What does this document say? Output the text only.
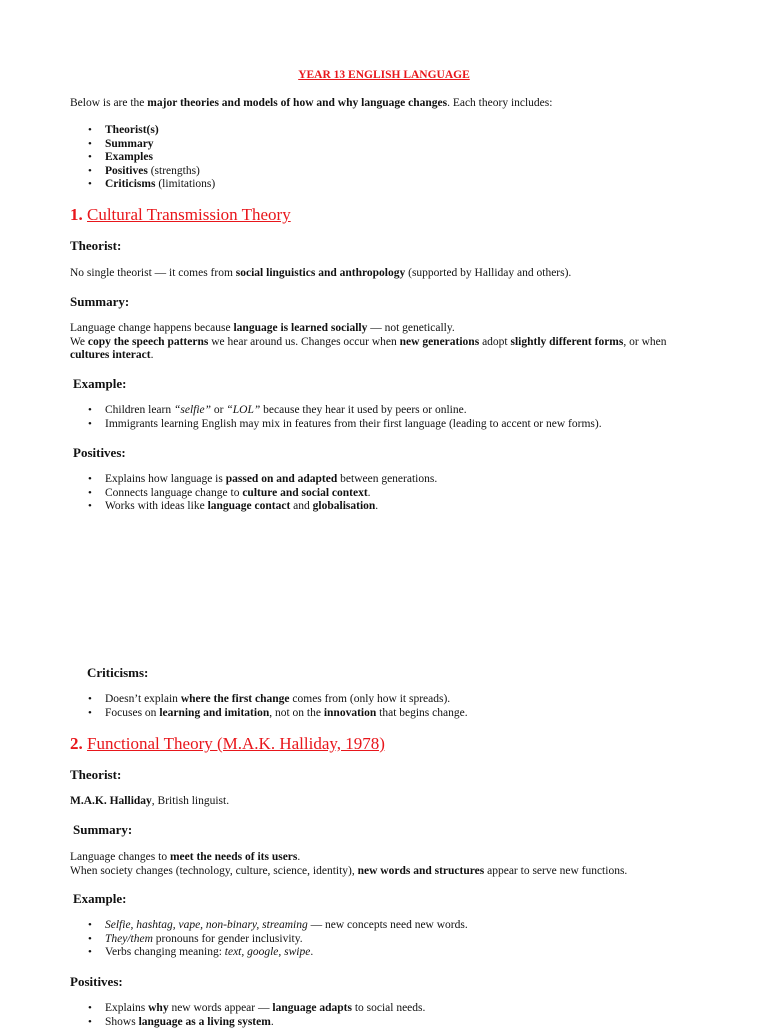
YEAR 13 ENGLISH LANGUAGE
Below is are the major theories and models of how and why language changes. Each theory includes:
• Theorist(s)
• Summary
• Examples
• Positives (strengths)
• Criticisms (limitations)
1. Cultural Transmission Theory
Theorist:
No single theorist — it comes from social linguistics and anthropology (supported by Halliday and others).
Summary:
Language change happens because language is learned socially — not genetically.
We copy the speech patterns we hear around us. Changes occur when new generations adopt slightly different forms, or when
cultures interact.
Example:
• Children learn “selfie” or “LOL” because they hear it used by peers or online.
• Immigrants learning English may mix in features from their first language (leading to accent or new forms).
Positives:
• Explains how language is passed on and adapted between generations.
• Connects language change to culture and social context.
• Works with ideas like language contact and globalisation.
Criticisms:
• Doesn’t explain where the first change comes from (only how it spreads).
• Focuses on learning and imitation, not on the innovation that begins change.
2. Functional Theory (M.A.K. Halliday, 1978)
Theorist:
M.A.K. Halliday, British linguist.
Summary:
Language changes to meet the needs of its users.
When society changes (technology, culture, science, identity), new words and structures appear to serve new functions.
Example:
• Selfie, hashtag, vape, non-binary, streaming — new concepts need new words.
• They/them pronouns for gender inclusivity.
• Verbs changing meaning: text, google, swipe.
Positives:
• Explains why new words appear — language adapts to social needs.
• Shows language as a living system.
